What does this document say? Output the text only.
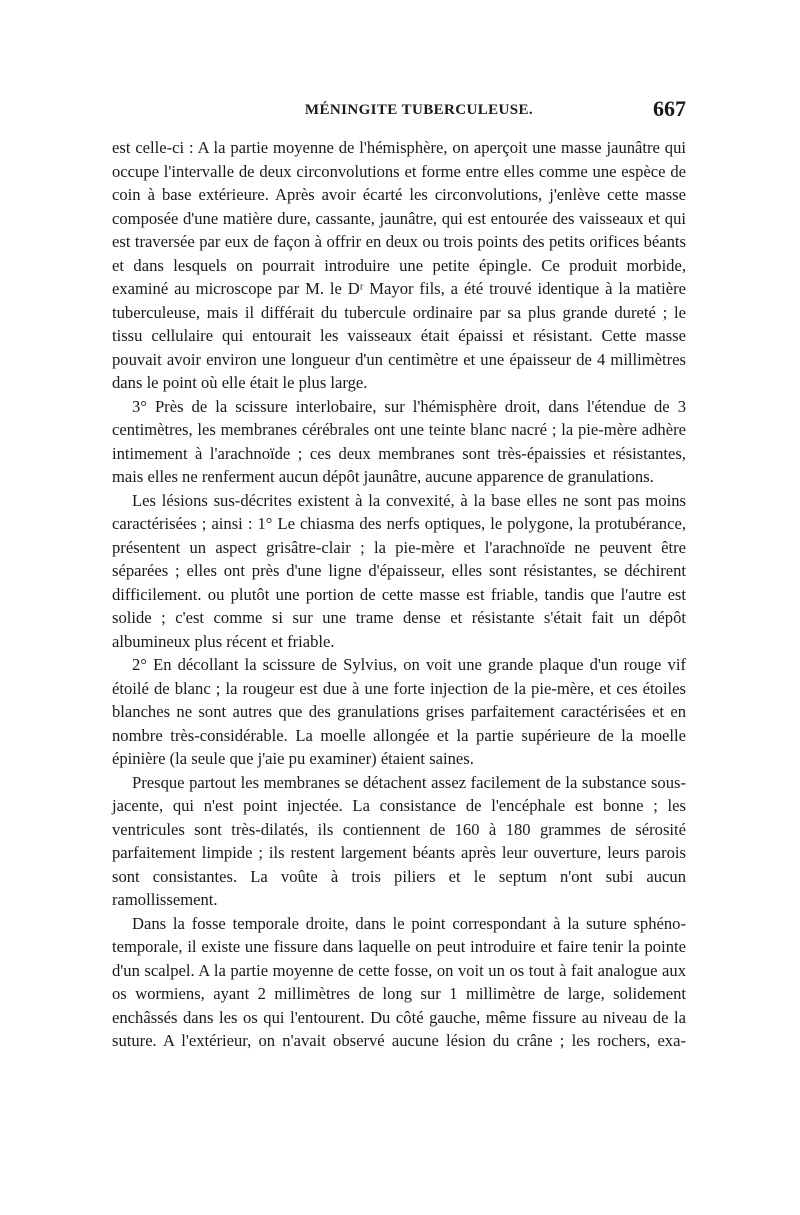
MÉNINGITE TUBERCULEUSE.	667

est celle-ci : A la partie moyenne de l'hémisphère, on aperçoit une masse jaunâtre qui occupe l'intervalle de deux circonvolutions et forme entre elles comme une espèce de coin à base extérieure. Après avoir écarté les circonvolutions, j'enlève cette masse composée d'une matière dure, cassante, jaunâtre, qui est entourée des vaisseaux et qui est traversée par eux de façon à offrir en deux ou trois points des petits orifices béants et dans lesquels on pourrait introduire une petite épingle. Ce produit morbide, examiné au microscope par M. le Dʳ Mayor fils, a été trouvé identique à la matière tuberculeuse, mais il différait du tubercule ordinaire par sa plus grande dureté ; le tissu cellulaire qui entourait les vaisseaux était épaissi et résistant. Cette masse pouvait avoir environ une longueur d'un centimètre et une épaisseur de 4 millimètres dans le point où elle était le plus large.

3° Près de la scissure interlobaire, sur l'hémisphère droit, dans l'étendue de 3 centimètres, les membranes cérébrales ont une teinte blanc nacré ; la pie-mère adhère intimement à l'arachnoïde ; ces deux membranes sont très-épaissies et résistantes, mais elles ne renferment aucun dépôt jaunâtre, aucune apparence de granulations.

Les lésions sus-décrites existent à la convexité, à la base elles ne sont pas moins caractérisées ; ainsi : 1° Le chiasma des nerfs optiques, le polygone, la protubérance, présentent un aspect grisâtre-clair ; la pie-mère et l'arachnoïde ne peuvent être séparées ; elles ont près d'une ligne d'épaisseur, elles sont résistantes, se déchirent difficilement. ou plutôt une portion de cette masse est friable, tandis que l'autre est solide ; c'est comme si sur une trame dense et résistante s'était fait un dépôt albumineux plus récent et friable.

2° En décollant la scissure de Sylvius, on voit une grande plaque d'un rouge vif étoilé de blanc ; la rougeur est due à une forte injection de la pie-mère, et ces étoiles blanches ne sont autres que des granulations grises parfaitement caractérisées et en nombre très-considérable. La moelle allongée et la partie supérieure de la moelle épinière (la seule que j'aie pu examiner) étaient saines.

Presque partout les membranes se détachent assez facilement de la substance sous-jacente, qui n'est point injectée. La consistance de l'encéphale est bonne ; les ventricules sont très-dilatés, ils contiennent de 160 à 180 grammes de sérosité parfaitement limpide ; ils restent largement béants après leur ouverture, leurs parois sont consistantes. La voûte à trois piliers et le septum n'ont subi aucun ramollissement.

Dans la fosse temporale droite, dans le point correspondant à la suture sphéno-temporale, il existe une fissure dans laquelle on peut introduire et faire tenir la pointe d'un scalpel. A la partie moyenne de cette fosse, on voit un os tout à fait analogue aux os wormiens, ayant 2 millimètres de long sur 1 millimètre de large, solidement enchâssés dans les os qui l'entourent. Du côté gauche, même fissure au niveau de la suture. A l'extérieur, on n'avait observé aucune lésion du crâne ; les rochers, exa-
